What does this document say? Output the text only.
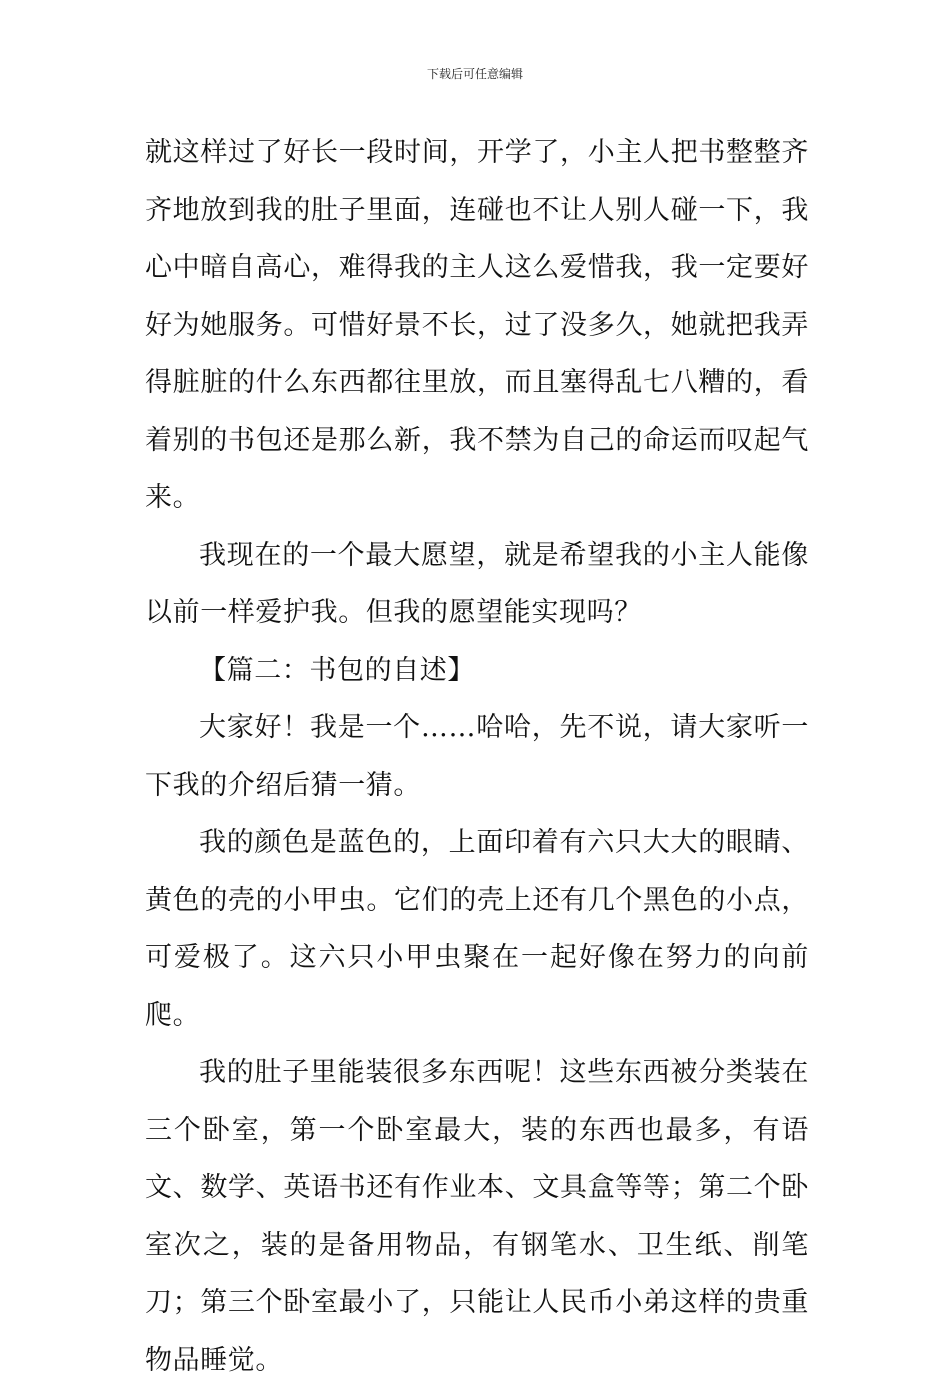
下载后可任意编辑

就这样过了好长一段时间，开学了，小主人把书整整齐齐地放到我的肚子里面，连碰也不让人别人碰一下，我心中暗自高心，难得我的主人这么爱惜我，我一定要好好为她服务。可惜好景不长，过了没多久，她就把我弄得脏脏的什么东西都往里放，而且塞得乱七八糟的，看着别的书包还是那么新，我不禁为自己的命运而叹起气来。

我现在的一个最大愿望，就是希望我的小主人能像以前一样爱护我。但我的愿望能实现吗？

【篇二：书包的自述】

大家好！我是一个……哈哈，先不说，请大家听一下我的介绍后猜一猜。

我的颜色是蓝色的，上面印着有六只大大的眼睛、黄色的壳的小甲虫。它们的壳上还有几个黑色的小点，可爱极了。这六只小甲虫聚在一起好像在努力的向前爬。

我的肚子里能装很多东西呢！这些东西被分类装在三个卧室，第一个卧室最大，装的东西也最多，有语文、数学、英语书还有作业本、文具盒等等；第二个卧室次之，装的是备用物品，有钢笔水、卫生纸、削笔刀；第三个卧室最小了，只能让人民币小弟这样的贵重物品睡觉。
